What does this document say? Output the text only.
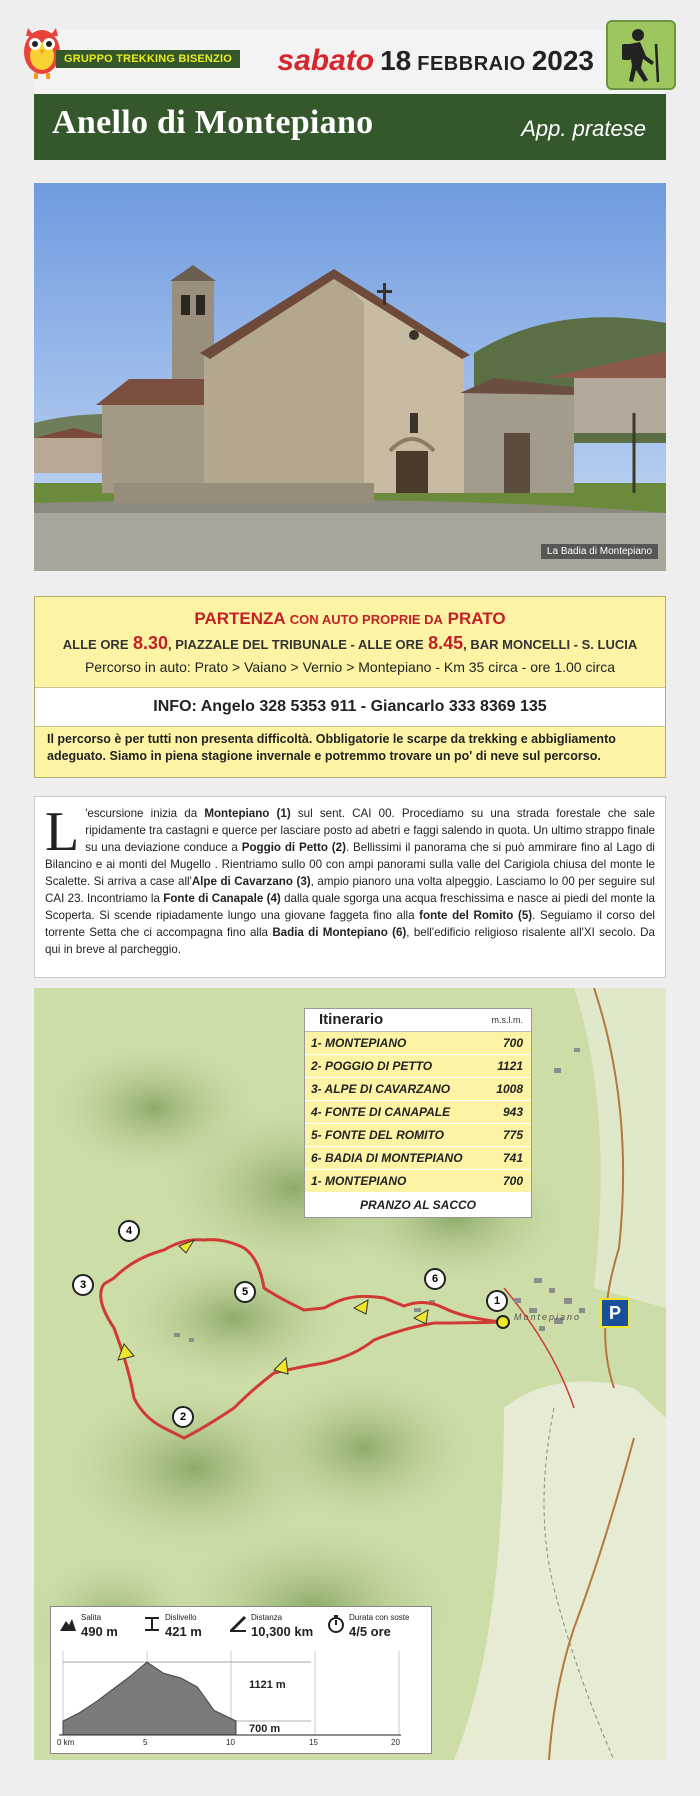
GRUPPO TREKKING BISENZIO sabato 18 FEBBRAIO 2023
Anello di Montepiano	App. pratese
La Badia di Montepiano
PARTENZA CON AUTO PROPRIE DA PRATO
ALLE ORE 8.30, PIAZZALE DEL TRIBUNALE - ALLE ORE 8.45, BAR MONCELLI - S. LUCIA
Percorso in auto: Prato > Vaiano > Vernio > Montepiano - Km 35 circa - ore 1.00 circa
INFO: Angelo 328 5353 911 - Giancarlo 333 8369 135
Il percorso è per tutti non presenta difficoltà. Obbligatorie le scarpe da trekking e abbigliamento adeguato. Siamo in piena stagione invernale e potremmo trovare un po' di neve sul percorso.
L 'escursione inizia da Montepiano (1) sul sent. CAI 00. Procediamo su una strada forestale che sale ripidamente tra castagni e querce per lasciare posto ad abetri e faggi salendo in quota. Un ultimo strappo finale su una deviazione conduce a Poggio di Petto (2). Bellissimi il panorama che si può ammirare fino al Lago di Bilancino e ai monti del Mugello . Rientriamo sullo 00 con ampi panorami sulla valle del Carigiola chiusa del monte le Scalette. Si arriva a case all'Alpe di Cavarzano (3), ampio pianoro una volta alpeggio. Lasciamo lo 00 per seguire sul CAI 23. Incontriamo la Fonte di Canapale (4) dalla quale sgorga una acqua freschissima e nasce ai piedi del monte la Scoperta. Si scende ripiadamente lungo una giovane faggeta fino alla fonte del Romito (5). Seguiamo il corso del torrente Setta che ci accompagna fino alla Badia di Montepiano (6), bell'edificio religioso risalente all'XI secolo. Da qui in breve al parcheggio.
1
2
3
4
5
6
P
Montepiano
Itinerario	m.s.l.m.
1- MONTEPIANO	700
2- POGGIO DI PETTO	1121
3- ALPE DI CAVARZANO	1008
4- FONTE DI CANAPALE	943
5- FONTE DEL ROMITO	775
6- BADIA DI MONTEPIANO	741
1- MONTEPIANO	700
PRANZO AL SACCO
Salita
490 m
Dislivello
421 m
Distanza
10,300 km
Durata con soste
4/5 ore
1121 m
700 m
0 km	5	10	15	20
